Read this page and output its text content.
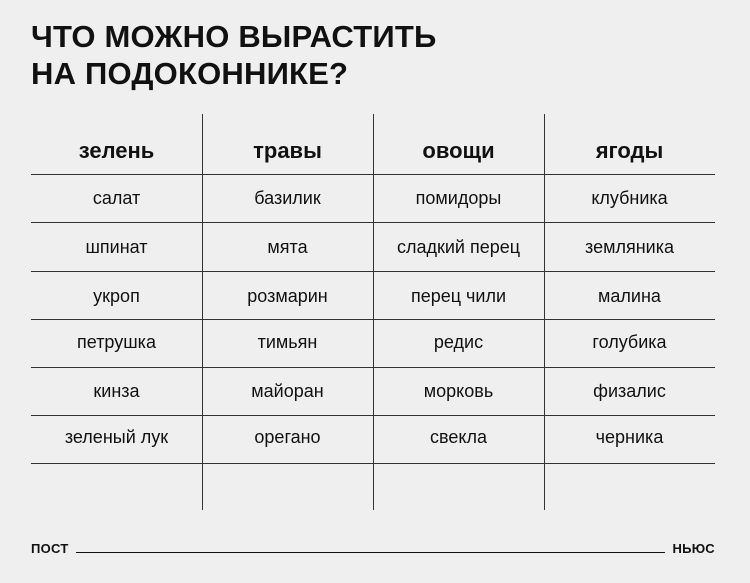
ЧТО МОЖНО ВЫРАСТИТЬ
НА ПОДОКОННИКЕ?
зелень	травы	овощи	ягоды
салат	базилик	помидоры	клубника
шпинат	мята	сладкий перец	земляника
укроп	розмарин	перец чили	малина
петрушка	тимьян	редис	голубика
кинза	майоран	морковь	физалис
зеленый лук	орегано	свекла	черника
ПОСТ	НЬЮС
